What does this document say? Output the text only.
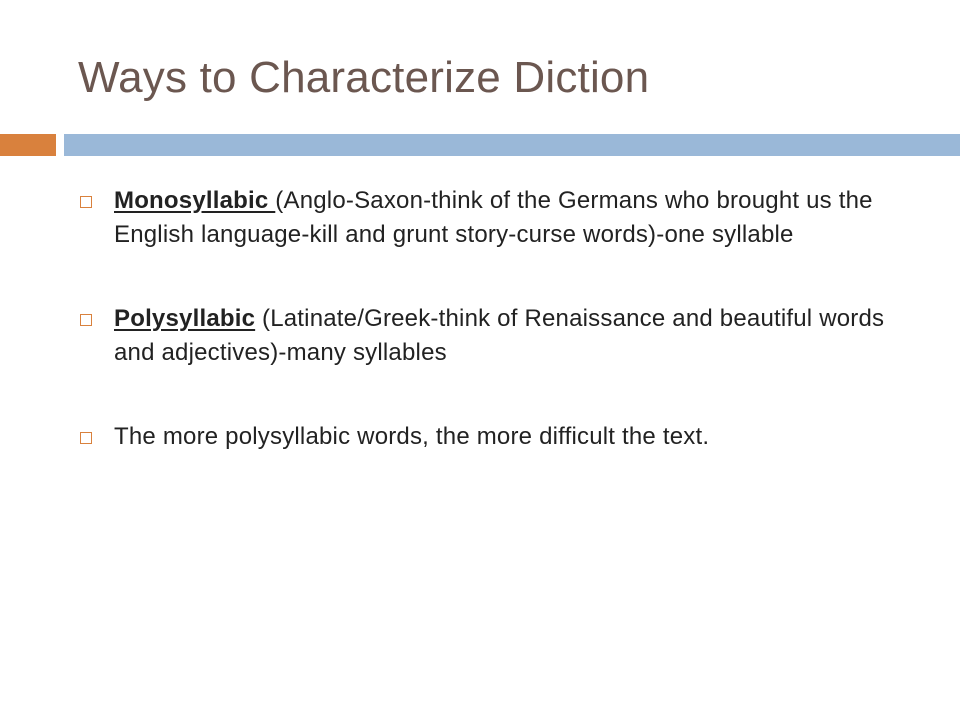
Ways to Characterize Diction
Monosyllabic (Anglo-Saxon-think of the Germans who brought us the English language-kill and grunt story-curse words)-one syllable
Polysyllabic (Latinate/Greek-think of Renaissance and beautiful words and adjectives)-many syllables
The more polysyllabic words, the more difficult the text.
